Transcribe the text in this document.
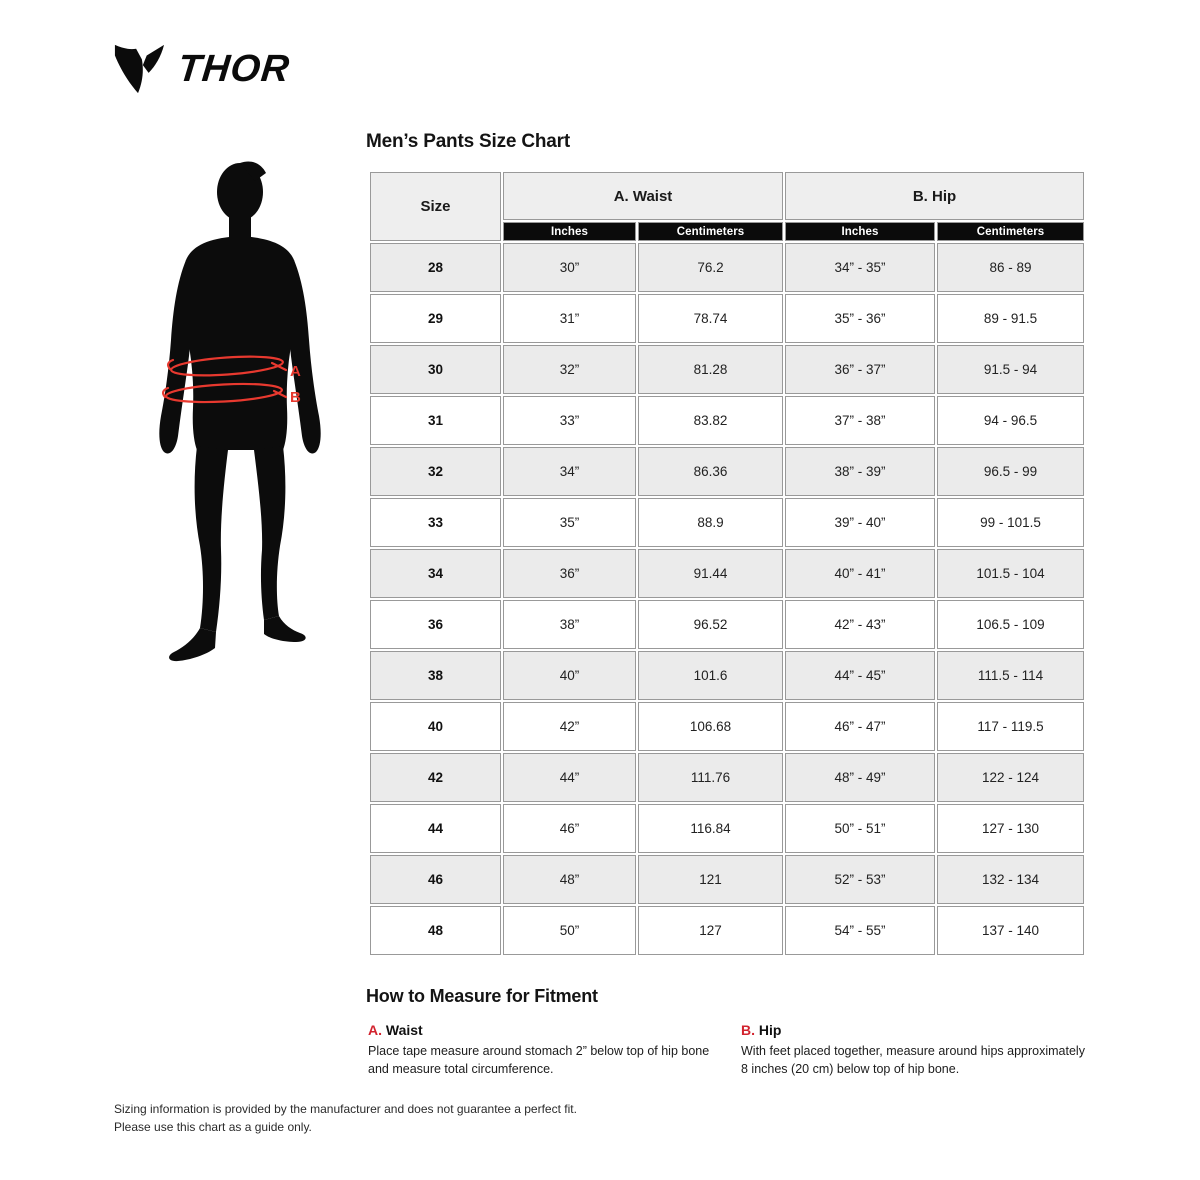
THOR
A
B
Men’s Pants Size Chart
Size	A. Waist		B. Hip	
	Inches	Centimeters	Inches	Centimeters
28	30”	76.2	34” - 35”	86 - 89
29	31”	78.74	35” - 36”	89 - 91.5
30	32”	81.28	36” - 37”	91.5 - 94
31	33”	83.82	37” - 38”	94 - 96.5
32	34”	86.36	38” - 39”	96.5 - 99
33	35”	88.9	39” - 40”	99 - 101.5
34	36”	91.44	40” - 41”	101.5 - 104
36	38”	96.52	42” - 43”	106.5 - 109
38	40”	101.6	44” - 45”	111.5 - 114
40	42”	106.68	46” - 47”	117 - 119.5
42	44”	111.76	48” - 49”	122 - 124
44	46”	116.84	50” - 51”	127 - 130
46	48”	121	52” - 53”	132 - 134
48	50”	127	54” - 55”	137 - 140
How to Measure for Fitment
A. Waist

Place tape measure around stomach 2” below top of hip bone and measure total circumference.

B. Hip

With feet placed together, measure around hips approximately 8 inches (20 cm) below top of hip bone.

Sizing information is provided by the manufacturer and does not guarantee a perfect fit.
Please use this chart as a guide only.
